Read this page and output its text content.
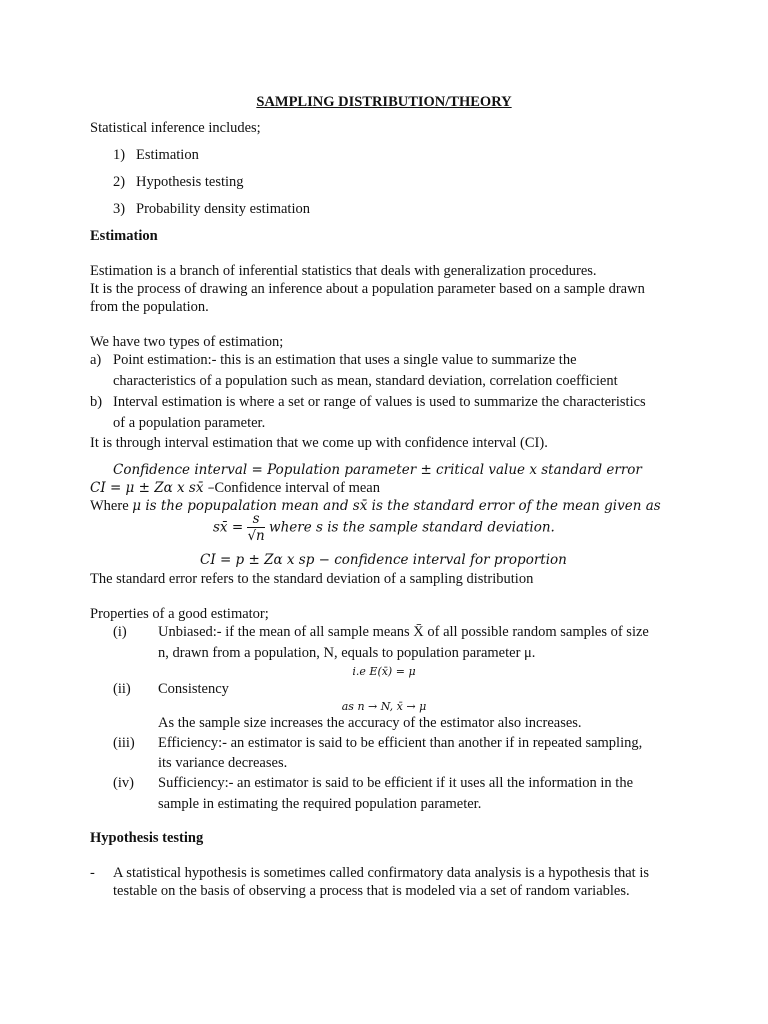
SAMPLING DISTRIBUTION/THEORY
Statistical inference includes;
1) Estimation
2) Hypothesis testing
3) Probability density estimation
Estimation
Estimation is a branch of inferential statistics that deals with generalization procedures.
It is the process of drawing an inference about a population parameter based on a sample drawn
from the population.
We have two types of estimation;
a) Point estimation:- this is an estimation that uses a single value to summarize the
characteristics of a population such as mean, standard deviation, correlation coefficient
b) Interval estimation is where a set or range of values is used to summarize the characteristics
of a population parameter.
It is through interval estimation that we come up with confidence interval (CI).
Confidence interval = Population parameter ± critical value x standard error
CI = μ ± Zα x sx̄ –Confidence interval of mean
Where μ is the popupalation mean and sx̄ is the standard error of the mean given as
sx̄ = $\frac{s}{√n}$ where s is the sample standard deviation.
CI = p ± Zα x sp − confidence interval for proportion
The standard error refers to the standard deviation of a sampling distribution
Properties of a good estimator;
(i) Unbiased:- if the mean of all sample means X̄ of all possible random samples of size
n, drawn from a population, N, equals to population parameter μ.
i.e E(x̄) = μ
(ii) Consistency
as n → N, x̄ → μ
As the sample size increases the accuracy of the estimator also increases.
(iii) Efficiency:- an estimator is said to be efficient than another if in repeated sampling,
its variance decreases.
(iv) Sufficiency:- an estimator is said to be efficient if it uses all the information in the
sample in estimating the required population parameter.
Hypothesis testing
- A statistical hypothesis is sometimes called confirmatory data analysis is a hypothesis that is
testable on the basis of observing a process that is modeled via a set of random variables.
